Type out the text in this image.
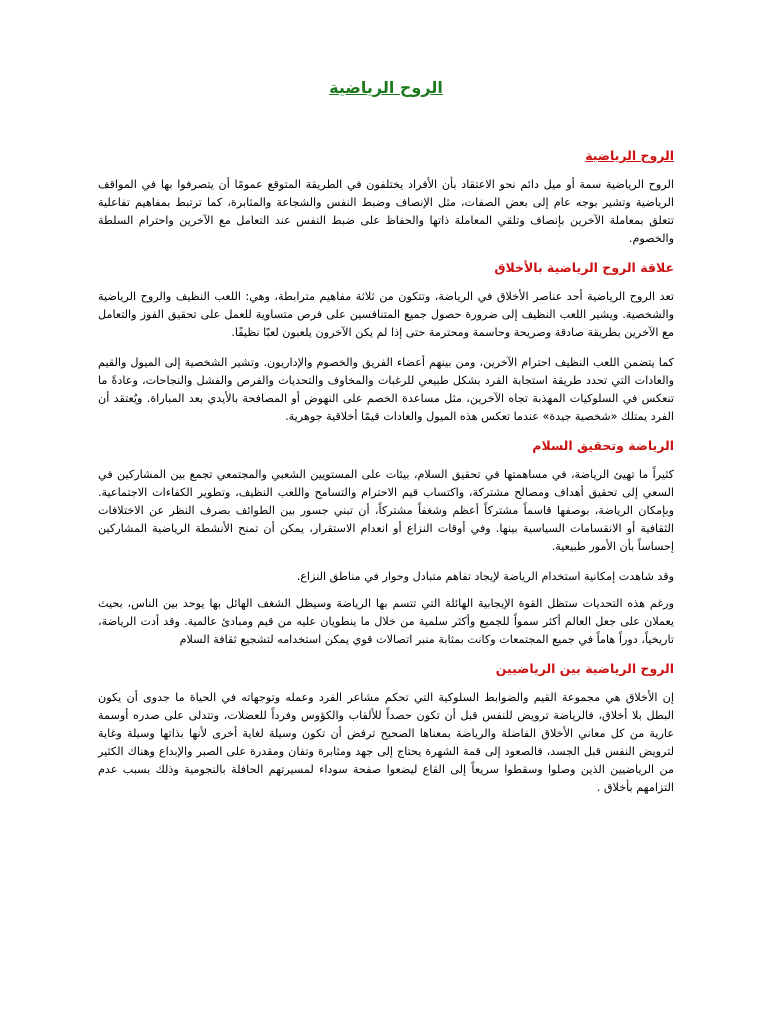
الروح الرياضية
الروح الرياضية

الروح الرياضية سمة أو ميل دائم نحو الاعتقاد بأن الأفراد يختلفون في الطريقة المتوقع عمومًا أن يتصرفوا بها في المواقف الرياضية وتشير بوجه عام إلى بعض الصفات، مثل الإنصاف وضبط النفس والشجاعة والمثابرة، كما ترتبط بمفاهيم تفاعلية تتعلق بمعاملة الآخرين بإنصاف وتلقي المعاملة ذاتها والحفاظ على ضبط النفس عند التعامل مع الآخرين واحترام السلطة والخصوم.

علاقة الروح الرياضية بالأخلاق

تعد الروح الرياضية أحد عناصر الأخلاق في الرياضة، وتتكون من ثلاثة مفاهيم مترابطة، وهي: اللعب النظيف والروح الرياضية والشخصية. ويشير اللعب النظيف إلى ضرورة حصول جميع المتنافسين على فرص متساوية للعمل على تحقيق الفوز والتعامل مع الآخرين بطريقة صادقة وصريحة وحاسمة ومحترمة حتى إذا لم يكن الآخرون يلعبون لعبًا نظيفًا.

كما يتضمن اللعب النظيف احترام الآخرين، ومن بينهم أعضاء الفريق والخصوم والإداريون. وتشير الشخصية إلى الميول والقيم والعادات التي تحدد طريقة استجابة الفرد بشكل طبيعي للرغبات والمخاوف والتحديات والفرص والفشل والنجاحات، وعادةً ما تنعكس في السلوكيات المهذبة تجاه الآخرين، مثل مساعدة الخصم على النهوض أو المصافحة بالأيدي بعد المباراة. ويُعتقد أن الفرد يمتلك «شخصية جيدة» عندما تعكس هذه الميول والعادات قيمًا أخلاقية جوهرية.

الرياضة وتحقيق السلام

كثيراً ما تهيئ الرياضة، في مساهمتها في تحقيق السلام، بيئات على المستويين الشعبي والمجتمعي تجمع بين المشاركين في السعي إلى تحقيق أهداف ومصالح مشتركة، واكتساب قيم الاحترام والتسامح واللعب النظيف، وتطوير الكفاءات الاجتماعية. وبإمكان الرياضة، بوصفها قاسماً مشتركاً أعظم وشغفاً مشتركاً، أن تبني جسور بين الطوائف بصرف النظر عن الاختلافات الثقافية أو الانقسامات السياسية بينها. وفي أوقات النزاع أو انعدام الاستقرار، يمكن أن تمنح الأنشطة الرياضية المشاركين إحساساً بأن الأمور طبيعية.

وقد شاهدت إمكانية استخدام الرياضة لإيجاد تفاهم متبادل وحوار في مناطق النزاع.

ورغم هذه التحديات ستظل القوة الإيجابية الهائلة التي تتسم بها الرياضة وسيظل الشغف الهائل بها يوحد بين الناس، بحيث يعملان على جعل العالم أكثر سمواً للجميع وأكثر سلمية من خلال ما ينطويان عليه من قيم ومبادئ عالمية. وقد أدت الرياضة، تاريخياً، دوراً هاماً في جميع المجتمعات وكانت بمثابة منبر اتصالات قوي يمكن استخدامه لتشجيع ثقافة السلام

الروح الرياضية بين الرياضيين

إن الأخلاق هي مجموعة القيم والضوابط السلوكية التي تحكم مشاعر الفرد وعمله وتوجهاته في الحياة ما جدوى أن يكون البطل بلا أخلاق، فالرياضة ترويض للنفس قبل أن تكون حصداً للألقاب والكؤوس وفرداً للعضلات، وتتدلى على صدره أوسمة عارية من كل معاني الأخلاق الفاضلة والرياضة بمعناها الصحيح ترفض أن تكون وسيلة لغاية أخرى لأنها بذاتها وسيلة وغاية لترويض النفس قبل الجسد، فالصعود إلى قمة الشهرة يحتاج إلى جهد ومثابرة وتفان ومقدرة على الصبر والإبداع وهناك الكثير من الرياضيين الذين وصلوا وسقطوا سريعاً إلى القاع ليضعوا صفحة سوداء لمسيرتهم الحافلة بالنجومية وذلك بسبب عدم التزامهم بأخلاق .
